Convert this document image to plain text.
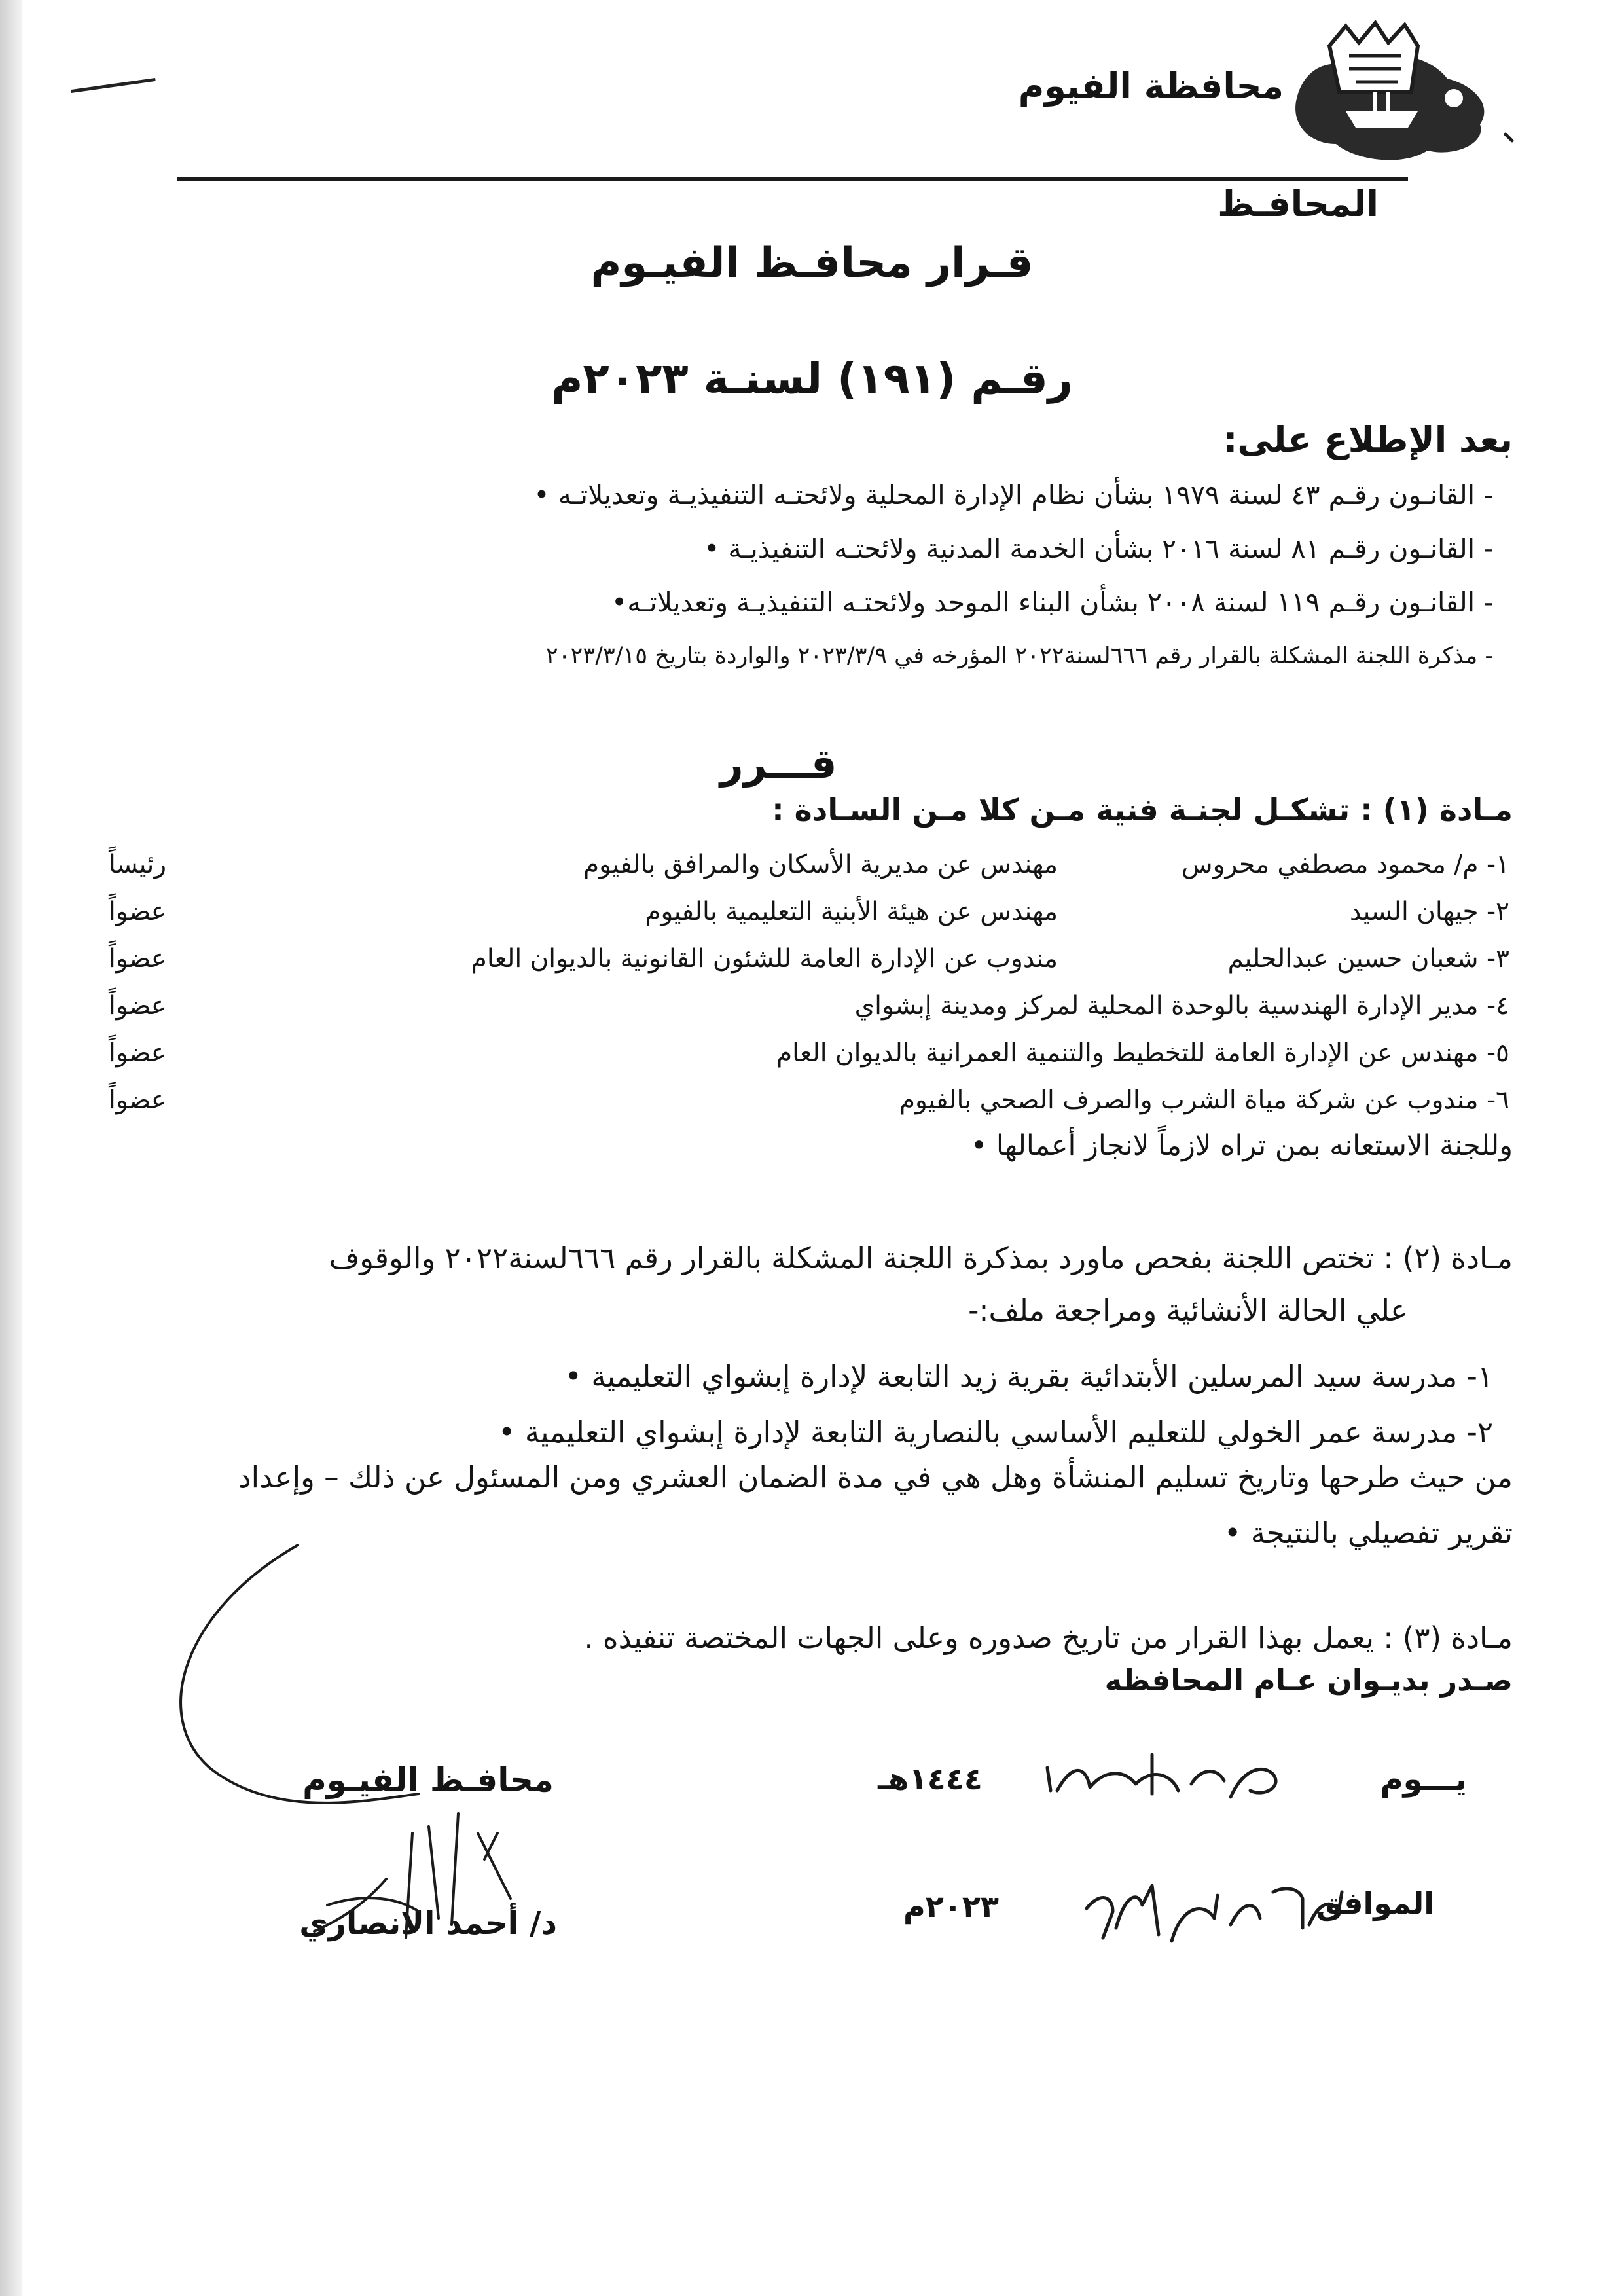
محافظة الفيوم
المحافـظ
قـرار محافـظ الفيـوم
رقـم (١٩١) لسنـة ٢٠٢٣م
بعد الإطلاع على:
- القانـون رقـم ٤٣ لسنة ١٩٧٩ بشأن نظام الإدارة المحلية ولائحتـه التنفيذيـة وتعديلاتـه •
- القانـون رقـم ٨١ لسنة ٢٠١٦ بشأن الخدمة المدنية ولائحتـه التنفيذيـة •
- القانـون رقـم ١١٩ لسنة ٢٠٠٨ بشأن البناء الموحد ولائحتـه التنفيذيـة وتعديلاتـه•
- مذكرة اللجنة المشكلة بالقرار رقم ٦٦٦لسنة٢٠٢٢ المؤرخه في ٢٠٢٣/٣/٩ والواردة بتاريخ ٢٠٢٣/٣/١٥
قـــرر
مـادة (١) : تشكـل لجنـة فنية مـن كلا مـن السـادة :
١- م/ محمود مصطفي محروس
مهندس عن مديرية الأسكان والمرافق بالفيوم
رئيساً
٢- جيهان السيد
مهندس عن هيئة الأبنية التعليمية بالفيوم
عضواً
٣- شعبان حسين عبدالحليم
مندوب عن الإدارة العامة للشئون القانونية بالديوان العام
عضواً
٤- مدير الإدارة الهندسية بالوحدة المحلية لمركز ومدينة إبشواي
عضواً
٥- مهندس عن الإدارة العامة للتخطيط والتنمية العمرانية بالديوان العام
عضواً
٦- مندوب عن شركة مياة الشرب والصرف الصحي بالفيوم
عضواً
وللجنة الاستعانه بمن تراه لازماً لانجاز أعمالها •
مـادة (٢) : تختص اللجنة بفحص ماورد بمذكرة اللجنة المشكلة بالقرار رقم ٦٦٦لسنة٢٠٢٢ والوقوف
علي الحالة الأنشائية ومراجعة ملف:-
١- مدرسة سيد المرسلين الأبتدائية بقرية زيد التابعة لإدارة إبشواي التعليمية •
٢- مدرسة عمر الخولي للتعليم الأساسي بالنصارية التابعة لإدارة إبشواي التعليمية •
من حيث طرحها وتاريخ تسليم المنشأة وهل هي في مدة الضمان العشري ومن المسئول عن ذلك – وإعداد
تقرير تفصيلي بالنتيجة •
مـادة (٣) : يعمل بهذا القرار من تاريخ صدوره وعلى الجهات المختصة تنفيذه .
صـدر بديـوان عـام المحافظه
يـــوم
١٤٤٤هـ
محافـظ الفيـوم
الموافق
٢٠٢٣م
د/ أحمد الانصاري
